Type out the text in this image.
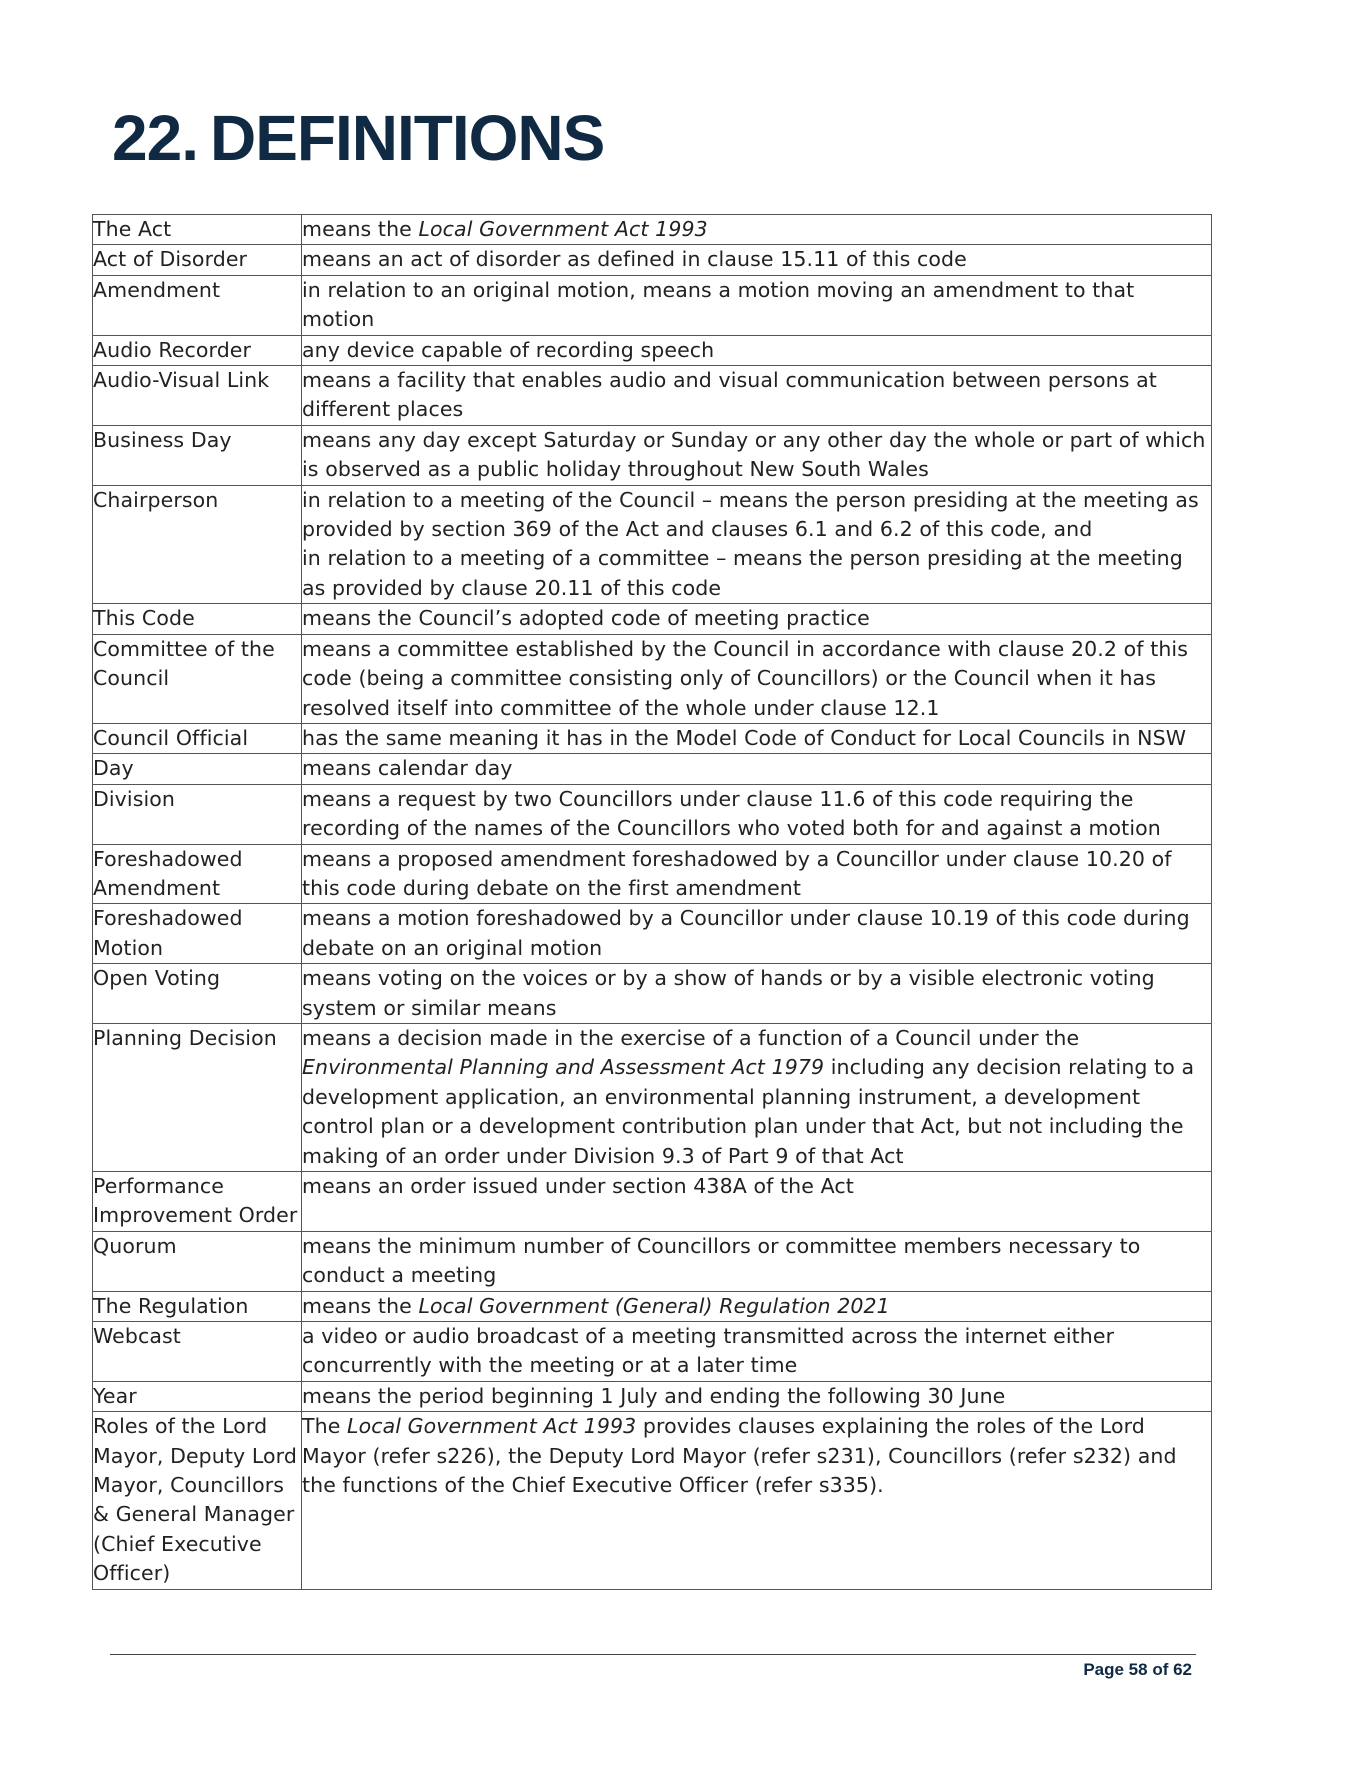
22. DEFINITIONS
The Act	means the Local Government Act 1993
Act of Disorder	means an act of disorder as defined in clause 15.11 of this code
Amendment	in relation to an original motion, means a motion moving an amendment to that motion
Audio Recorder	any device capable of recording speech
Audio-Visual Link	means a facility that enables audio and visual communication between persons at different places
Business Day	means any day except Saturday or Sunday or any other day the whole or part of which is observed as a public holiday throughout New South Wales
Chairperson	in relation to a meeting of the Council – means the person presiding at the meeting as provided by section 369 of the Act and clauses 6.1 and 6.2 of this code, and
in relation to a meeting of a committee – means the person presiding at the meeting as provided by clause 20.11 of this code
This Code	means the Council’s adopted code of meeting practice
Committee of the Council	means a committee established by the Council in accordance with clause 20.2 of this code (being a committee consisting only of Councillors) or the Council when it has resolved itself into committee of the whole under clause 12.1
Council Official	has the same meaning it has in the Model Code of Conduct for Local Councils in NSW
Day	means calendar day
Division	means a request by two Councillors under clause 11.6 of this code requiring the recording of the names of the Councillors who voted both for and against a motion
Foreshadowed Amendment	means a proposed amendment foreshadowed by a Councillor under clause 10.20 of this code during debate on the first amendment
Foreshadowed Motion	means a motion foreshadowed by a Councillor under clause 10.19 of this code during debate on an original motion
Open Voting	means voting on the voices or by a show of hands or by a visible electronic voting system or similar means
Planning Decision	means a decision made in the exercise of a function of a Council under the Environmental Planning and Assessment Act 1979 including any decision relating to a development application, an environmental planning instrument, a development control plan or a development contribution plan under that Act, but not including the making of an order under Division 9.3 of Part 9 of that Act
Performance Improvement Order	means an order issued under section 438A of the Act
Quorum	means the minimum number of Councillors or committee members necessary to conduct a meeting
The Regulation	means the Local Government (General) Regulation 2021
Webcast	a video or audio broadcast of a meeting transmitted across the internet either concurrently with the meeting or at a later time
Year	means the period beginning 1 July and ending the following 30 June
Roles of the Lord Mayor, Deputy Lord Mayor, Councillors & General Manager (Chief Executive Officer)	The Local Government Act 1993 provides clauses explaining the roles of the Lord Mayor (refer s226), the Deputy Lord Mayor (refer s231), Councillors (refer s232) and the functions of the Chief Executive Officer (refer s335).
Page 58 of 62
